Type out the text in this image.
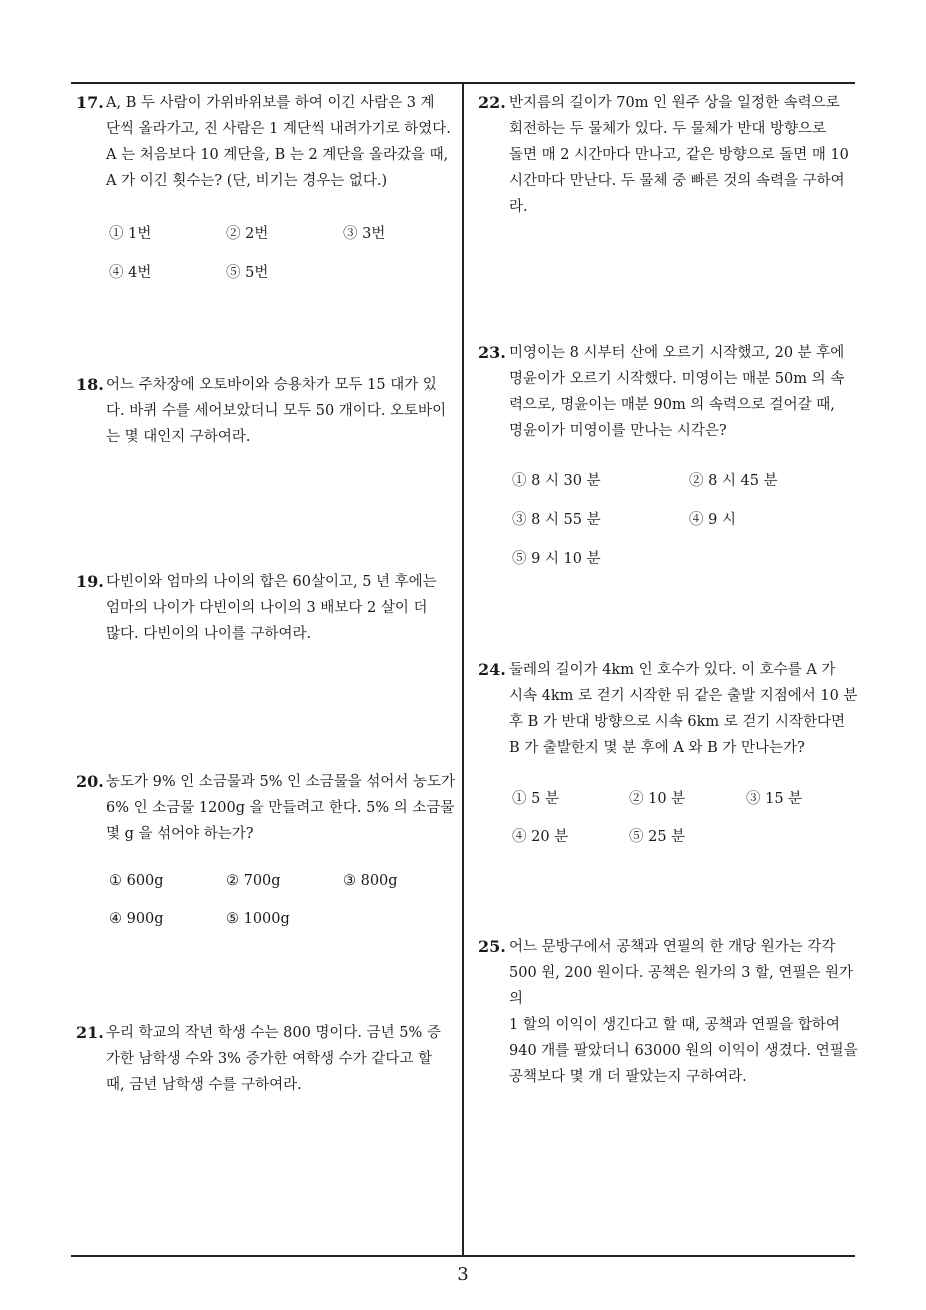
17. A, B 두 사람이 가위바위보를 하여 이긴 사람은 3 계
단씩 올라가고, 진 사람은 1 계단씩 내려가기로 하였다.
A 는 처음보다 10 계단을, B 는 2 계단을 올라갔을 때,
A 가 이긴 횟수는? (단, 비기는 경우는 없다.)
① 1번	② 2번	③ 3번
④ 4번	⑤ 5번
18. 어느 주차장에 오토바이와 승용차가 모두 15 대가 있
다. 바퀴 수를 세어보았더니 모두 50 개이다. 오토바이
는 몇 대인지 구하여라.
19. 다빈이와 엄마의 나이의 합은 60살이고, 5 년 후에는
엄마의 나이가 다빈이의 나이의 3 배보다 2 살이 더
많다. 다빈이의 나이를 구하여라.
20. 농도가 9% 인 소금물과 5% 인 소금물을 섞어서 농도가
6% 인 소금물 1200g 을 만들려고 한다. 5% 의 소금물
몇 g 을 섞어야 하는가?
① 600g	② 700g	③ 800g
④ 900g	⑤ 1000g
21. 우리 학교의 작년 학생 수는 800 명이다. 금년 5% 증
가한 남학생 수와 3% 증가한 여학생 수가 같다고 할
때, 금년 남학생 수를 구하여라.
22. 반지름의 길이가 70m 인 원주 상을 일정한 속력으로
회전하는 두 물체가 있다. 두 물체가 반대 방향으로
돌면 매 2 시간마다 만나고, 같은 방향으로 돌면 매 10
시간마다 만난다. 두 물체 중 빠른 것의 속력을 구하여
라.
23. 미영이는 8 시부터 산에 오르기 시작했고, 20 분 후에
명윤이가 오르기 시작했다. 미영이는 매분 50m 의 속
력으로, 명윤이는 매분 90m 의 속력으로 걸어갈 때,
명윤이가 미영이를 만나는 시각은?
① 8 시 30 분	② 8 시 45 분
③ 8 시 55 분	④ 9 시
⑤ 9 시 10 분
24. 둘레의 길이가 4km 인 호수가 있다. 이 호수를 A 가
시속 4km 로 걷기 시작한 뒤 같은 출발 지점에서 10 분
후 B 가 반대 방향으로 시속 6km 로 걷기 시작한다면
B 가 출발한지 몇 분 후에 A 와 B 가 만나는가?
① 5 분	② 10 분	③ 15 분
④ 20 분	⑤ 25 분
25. 어느 문방구에서 공책과 연필의 한 개당 원가는 각각
500 원, 200 원이다. 공책은 원가의 3 할, 연필은 원가의
1 할의 이익이 생긴다고 할 때, 공책과 연필을 합하여
940 개를 팔았더니 63000 원의 이익이 생겼다. 연필을
공책보다 몇 개 더 팔았는지 구하여라.
3
